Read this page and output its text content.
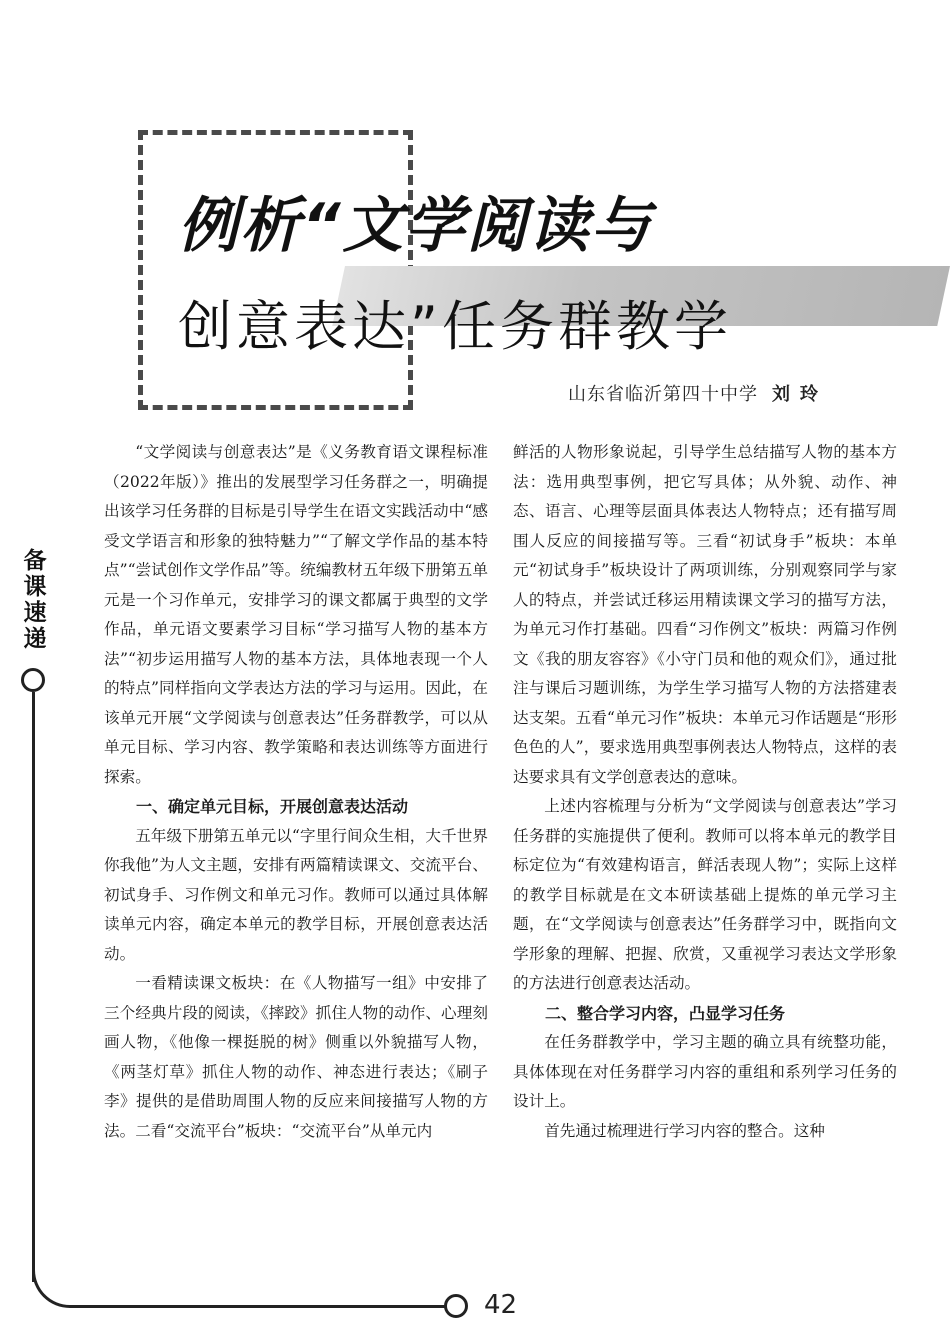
例析“文学阅读与
创意表达”任务群教学
山东省临沂第四十中学 刘玲
备课速递
42

“文学阅读与创意表达”是《义务教育语文课程标准（2022年版）》推出的发展型学习任务群之一，明确提出该学习任务群的目标是引导学生在语文实践活动中“感受文学语言和形象的独特魅力”“了解文学作品的基本特点”“尝试创作文学作品”等。统编教材五年级下册第五单元是一个习作单元，安排学习的课文都属于典型的文学作品，单元语文要素学习目标“学习描写人物的基本方法”“初步运用描写人物的基本方法，具体地表现一个人的特点”同样指向文学表达方法的学习与运用。因此，在该单元开展“文学阅读与创意表达”任务群教学，可以从单元目标、学习内容、教学策略和表达训练等方面进行探索。

一、确定单元目标，开展创意表达活动

五年级下册第五单元以“字里行间众生相，大千世界你我他”为人文主题，安排有两篇精读课文、交流平台、初试身手、习作例文和单元习作。教师可以通过具体解读单元内容，确定本单元的教学目标，开展创意表达活动。

一看精读课文板块：在《人物描写一组》中安排了三个经典片段的阅读，《摔跤》抓住人物的动作、心理刻画人物，《他像一棵挺脱的树》侧重以外貌描写人物，《两茎灯草》抓住人物的动作、神态进行表达；《刷子李》提供的是借助周围人物的反应来间接描写人物的方法。二看“交流平台”板块：“交流平台”从单元内

鲜活的人物形象说起，引导学生总结描写人物的基本方法：选用典型事例，把它写具体；从外貌、动作、神态、语言、心理等层面具体表达人物特点；还有描写周围人反应的间接描写等。三看“初试身手”板块：本单元“初试身手”板块设计了两项训练，分别观察同学与家人的特点，并尝试迁移运用精读课文学习的描写方法，为单元习作打基础。四看“习作例文”板块：两篇习作例文《我的朋友容容》《小守门员和他的观众们》，通过批注与课后习题训练，为学生学习描写人物的方法搭建表达支架。五看“单元习作”板块：本单元习作话题是“形形色色的人”，要求选用典型事例表达人物特点，这样的表达要求具有文学创意表达的意味。

上述内容梳理与分析为“文学阅读与创意表达”学习任务群的实施提供了便利。教师可以将本单元的教学目标定位为“有效建构语言，鲜活表现人物”；实际上这样的教学目标就是在文本研读基础上提炼的单元学习主题，在“文学阅读与创意表达”任务群学习中，既指向文学形象的理解、把握、欣赏，又重视学习表达文学形象的方法进行创意表达活动。

二、整合学习内容，凸显学习任务

在任务群教学中，学习主题的确立具有统整功能，具体体现在对任务群学习内容的重组和系列学习任务的设计上。

首先通过梳理进行学习内容的整合。这种
